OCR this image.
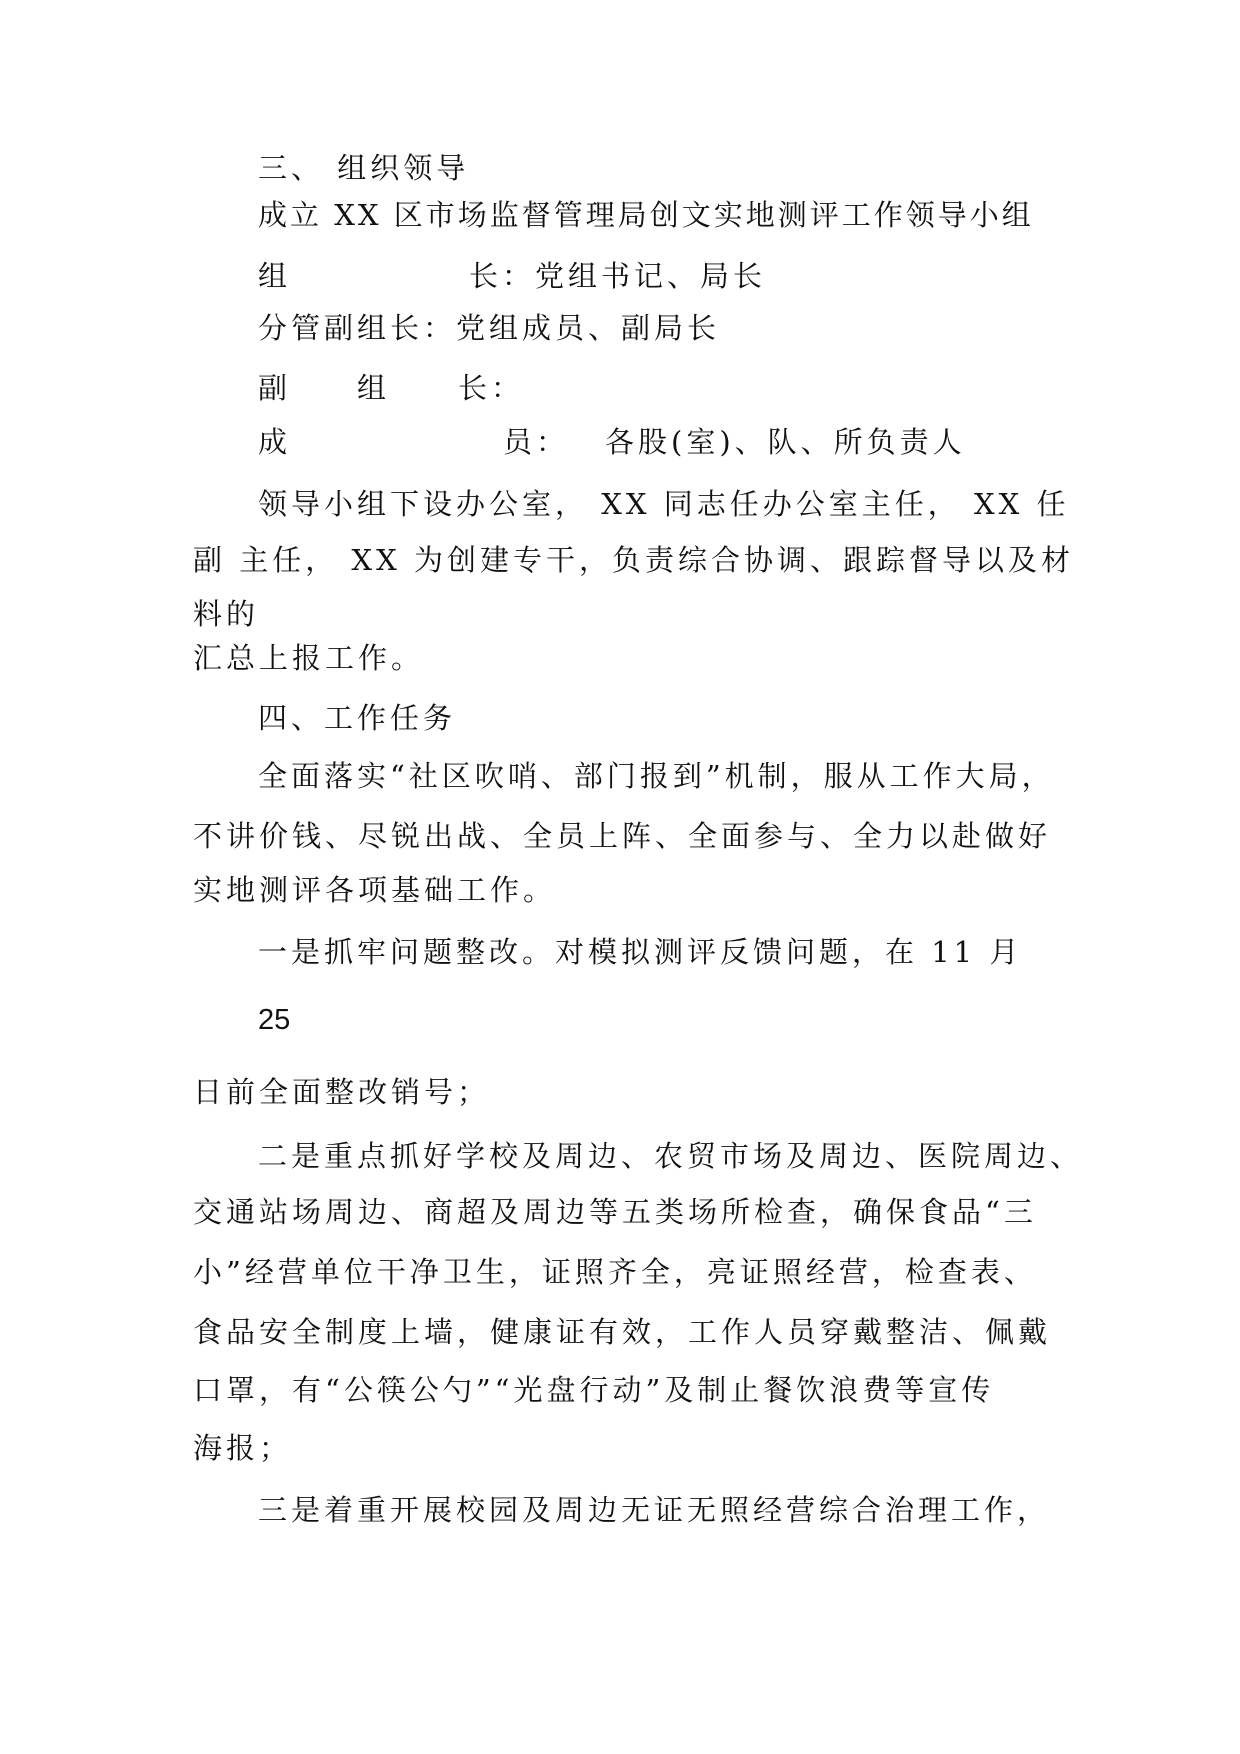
三、 组织领导
成立 XX 区市场监督管理局创文实地测评工作领导小组
组	长：党组书记、局长
分管副组长：党组成员、副局长
副 组 长：
成	员： 各股(室)、队、所负责人
领导小组下设办公室， XX 同志任办公室主任， XX 任
副 主任， XX 为创建专干，负责综合协调、跟踪督导以及材
料的
汇总上报工作。
四、工作任务
全面落实“社区吹哨、部门报到”机制，服从工作大局，
不讲价钱、尽锐出战、全员上阵、全面参与、全力以赴做好
实地测评各项基础工作。
一是抓牢问题整改。对模拟测评反馈问题，在 11 月
25
日前全面整改销号；
二是重点抓好学校及周边、农贸市场及周边、医院周边、
交通站场周边、商超及周边等五类场所检查，确保食品“三
小”经营单位干净卫生，证照齐全，亮证照经营，检查表、
食品安全制度上墙，健康证有效，工作人员穿戴整洁、佩戴
口罩，有“公筷公勺”“光盘行动”及制止餐饮浪费等宣传
海报；
三是着重开展校园及周边无证无照经营综合治理工作，
